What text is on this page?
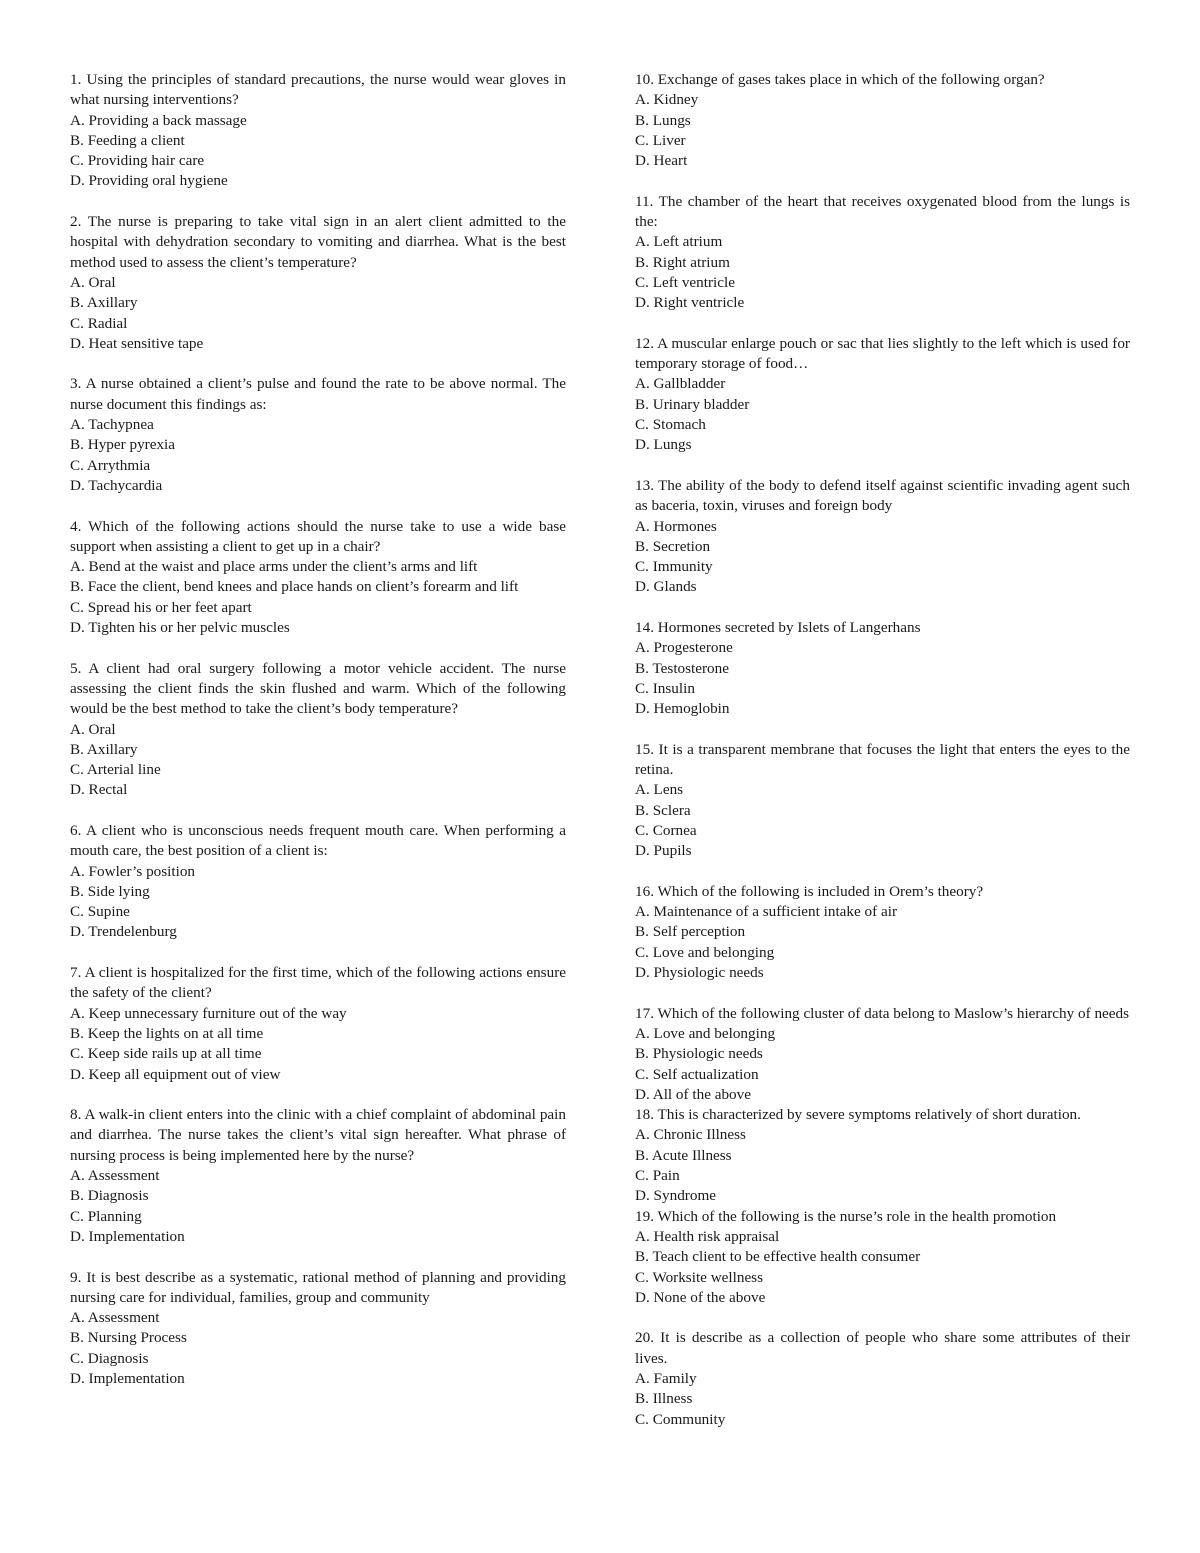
1. Using the principles of standard precautions, the nurse would wear gloves in what nursing interventions?

A. Providing a back massage
B. Feeding a client
C. Providing hair care
D. Providing oral hygiene

2. The nurse is preparing to take vital sign in an alert client admitted to the hospital with dehydration secondary to vomiting and diarrhea. What is the best method used to assess the client’s temperature?

A. Oral
B. Axillary
C. Radial
D. Heat sensitive tape

3. A nurse obtained a client’s pulse and found the rate to be above normal. The nurse document this findings as:

A. Tachypnea
B. Hyper pyrexia
C. Arrythmia
D. Tachycardia

4. Which of the following actions should the nurse take to use a wide base support when assisting a client to get up in a chair?

A. Bend at the waist and place arms under the client’s arms and lift
B. Face the client, bend knees and place hands on client’s forearm and lift
C. Spread his or her feet apart
D. Tighten his or her pelvic muscles

5. A client had oral surgery following a motor vehicle accident. The nurse assessing the client finds the skin flushed and warm. Which of the following would be the best method to take the client’s body temperature?

A. Oral
B. Axillary
C. Arterial line
D. Rectal

6. A client who is unconscious needs frequent mouth care. When performing a mouth care, the best position of a client is:

A. Fowler’s position
B. Side lying
C. Supine
D. Trendelenburg

7. A client is hospitalized for the first time, which of the following actions ensure the safety of the client?

A. Keep unnecessary furniture out of the way
B. Keep the lights on at all time
C. Keep side rails up at all time
D. Keep all equipment out of view

8. A walk-in client enters into the clinic with a chief complaint of abdominal pain and diarrhea. The nurse takes the client’s vital sign hereafter. What phrase of nursing process is being implemented here by the nurse?

A. Assessment
B. Diagnosis
C. Planning
D. Implementation

9. It is best describe as a systematic, rational method of planning and providing nursing care for individual, families, group and community

A. Assessment
B. Nursing Process
C. Diagnosis
D. Implementation

10. Exchange of gases takes place in which of the following organ?

A. Kidney
B. Lungs
C. Liver
D. Heart

11. The chamber of the heart that receives oxygenated blood from the lungs is the:

A. Left atrium
B. Right atrium
C. Left ventricle
D. Right ventricle

12. A muscular enlarge pouch or sac that lies slightly to the left which is used for temporary storage of food…

A. Gallbladder
B. Urinary bladder
C. Stomach
D. Lungs

13. The ability of the body to defend itself against scientific invading agent such as baceria, toxin, viruses and foreign body

A. Hormones
B. Secretion
C. Immunity
D. Glands

14. Hormones secreted by Islets of Langerhans

A. Progesterone
B. Testosterone
C. Insulin
D. Hemoglobin

15. It is a transparent membrane that focuses the light that enters the eyes to the retina.

A. Lens
B. Sclera
C. Cornea
D. Pupils

16. Which of the following is included in Orem’s theory?

A. Maintenance of a sufficient intake of air
B. Self perception
C. Love and belonging
D. Physiologic needs

17. Which of the following cluster of data belong to Maslow’s hierarchy of needs

A. Love and belonging
B. Physiologic needs
C. Self actualization
D. All of the above

18. This is characterized by severe symptoms relatively of short duration.

A. Chronic Illness
B. Acute Illness
C. Pain
D. Syndrome

19. Which of the following is the nurse’s role in the health promotion

A. Health risk appraisal
B. Teach client to be effective health consumer
C. Worksite wellness
D. None of the above

20. It is describe as a collection of people who share some attributes of their lives.

A. Family
B. Illness
C. Community
